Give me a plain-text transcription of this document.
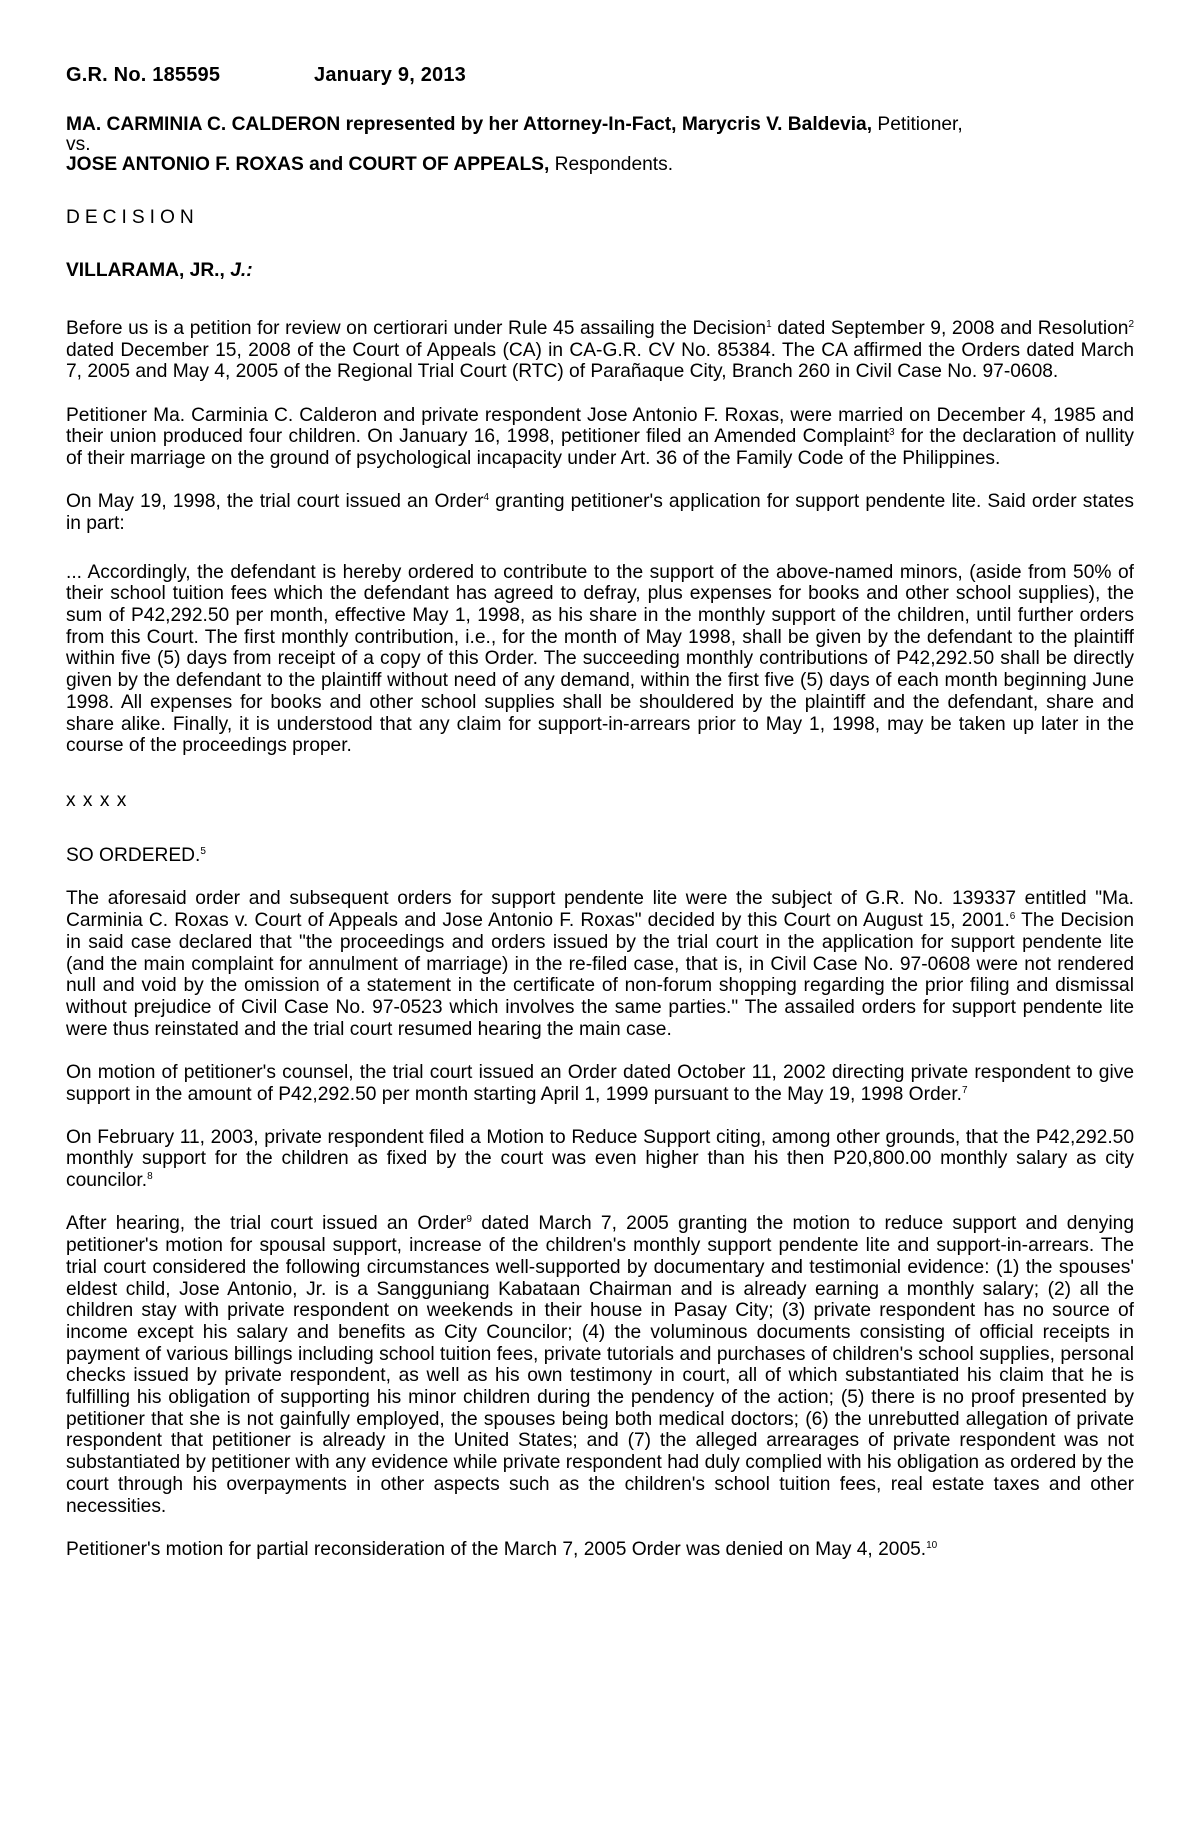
G.R. No. 185595	January 9, 2013
MA. CARMINIA C. CALDERON represented by her Attorney-In-Fact, Marycris V. Baldevia, Petitioner,
vs.
JOSE ANTONIO F. ROXAS and COURT OF APPEALS, Respondents.
DECISION
VILLARAMA, JR., J.:

Before us is a petition for review on certiorari under Rule 45 assailing the Decision$^1$ dated September 9, 2008 and Resolution$^2$ dated December 15, 2008 of the Court of Appeals (CA) in CA-G.R. CV No. 85384. The CA affirmed the Orders dated March 7, 2005 and May 4, 2005 of the Regional Trial Court (RTC) of Parañaque City, Branch 260 in Civil Case No. 97-0608.

Petitioner Ma. Carminia C. Calderon and private respondent Jose Antonio F. Roxas, were married on December 4, 1985 and their union produced four children. On January 16, 1998, petitioner filed an Amended Complaint$^3$ for the declaration of nullity of their marriage on the ground of psychological incapacity under Art. 36 of the Family Code of the Philippines.

On May 19, 1998, the trial court issued an Order$^4$ granting petitioner's application for support pendente lite. Said order states in part:

... Accordingly, the defendant is hereby ordered to contribute to the support of the above-named minors, (aside from 50% of their school tuition fees which the defendant has agreed to defray, plus expenses for books and other school supplies), the sum of P42,292.50 per month, effective May 1, 1998, as his share in the monthly support of the children, until further orders from this Court. The first monthly contribution, i.e., for the month of May 1998, shall be given by the defendant to the plaintiff within five (5) days from receipt of a copy of this Order. The succeeding monthly contributions of P42,292.50 shall be directly given by the defendant to the plaintiff without need of any demand, within the first five (5) days of each month beginning June 1998. All expenses for books and other school supplies shall be shouldered by the plaintiff and the defendant, share and share alike. Finally, it is understood that any claim for support-in-arrears prior to May 1, 1998, may be taken up later in the course of the proceedings proper.

x x x x
SO ORDERED.$^5$

The aforesaid order and subsequent orders for support pendente lite were the subject of G.R. No. 139337 entitled "Ma. Carminia C. Roxas v. Court of Appeals and Jose Antonio F. Roxas" decided by this Court on August 15, 2001.$^6$ The Decision in said case declared that "the proceedings and orders issued by the trial court in the application for support pendente lite (and the main complaint for annulment of marriage) in the re-filed case, that is, in Civil Case No. 97-0608 were not rendered null and void by the omission of a statement in the certificate of non-forum shopping regarding the prior filing and dismissal without prejudice of Civil Case No. 97-0523 which involves the same parties." The assailed orders for support pendente lite were thus reinstated and the trial court resumed hearing the main case.

On motion of petitioner's counsel, the trial court issued an Order dated October 11, 2002 directing private respondent to give support in the amount of P42,292.50 per month starting April 1, 1999 pursuant to the May 19, 1998 Order.$^7$

On February 11, 2003, private respondent filed a Motion to Reduce Support citing, among other grounds, that the P42,292.50 monthly support for the children as fixed by the court was even higher than his then P20,800.00 monthly salary as city councilor.$^8$

After hearing, the trial court issued an Order$^9$ dated March 7, 2005 granting the motion to reduce support and denying petitioner's motion for spousal support, increase of the children's monthly support pendente lite and support-in-arrears. The trial court considered the following circumstances well-supported by documentary and testimonial evidence: (1) the spouses' eldest child, Jose Antonio, Jr. is a Sangguniang Kabataan Chairman and is already earning a monthly salary; (2) all the children stay with private respondent on weekends in their house in Pasay City; (3) private respondent has no source of income except his salary and benefits as City Councilor; (4) the voluminous documents consisting of official receipts in payment of various billings including school tuition fees, private tutorials and purchases of children's school supplies, personal checks issued by private respondent, as well as his own testimony in court, all of which substantiated his claim that he is fulfilling his obligation of supporting his minor children during the pendency of the action; (5) there is no proof presented by petitioner that she is not gainfully employed, the spouses being both medical doctors; (6) the unrebutted allegation of private respondent that petitioner is already in the United States; and (7) the alleged arrearages of private respondent was not substantiated by petitioner with any evidence while private respondent had duly complied with his obligation as ordered by the court through his overpayments in other aspects such as the children's school tuition fees, real estate taxes and other necessities.

Petitioner's motion for partial reconsideration of the March 7, 2005 Order was denied on May 4, 2005.10
